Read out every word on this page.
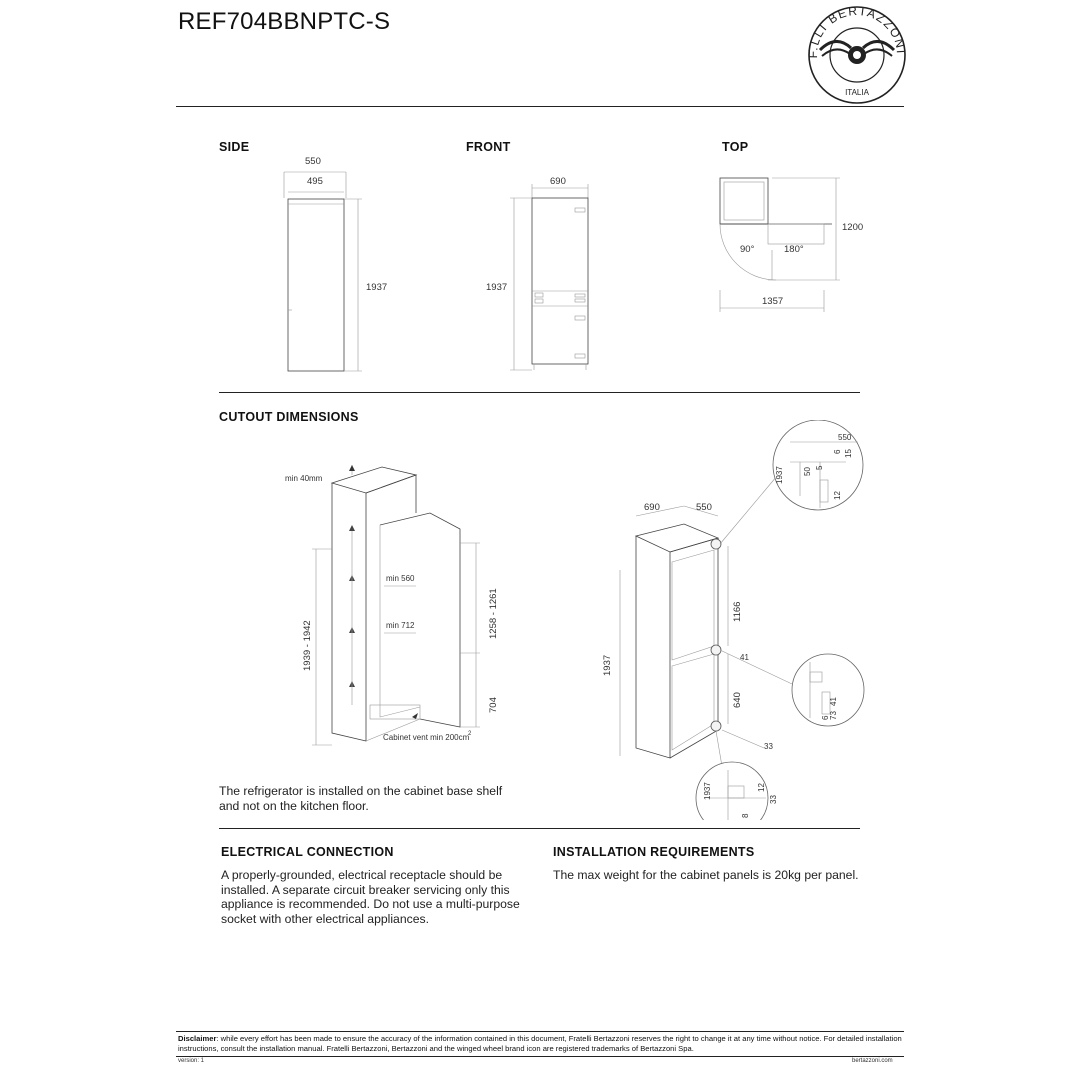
REF704BBNPTC-S
F.LLI BERTAZZONI
ITALIA
SIDE	FRONT	TOP
550
495
1937
690
1937
90°	180°
1200
1357
CUTOUT DIMENSIONS
min 40mm
min 560
min 712
1939 - 1942
1258 - 1261
704
Cabinet vent min 200cm
2
The refrigerator is installed on the cabinet base shelf and not on the kitchen floor.
690	550
1937
1166
640
41
33
550
6 15
1937 50 5
12
41
6 73
1937	12
33
8
ELECTRICAL CONNECTION
A properly-grounded, electrical receptacle should be installed. A separate circuit breaker servicing only this appliance is recommended. Do not use a multi-purpose socket with other electrical appliances.
INSTALLATION REQUIREMENTS
The max weight for the cabinet panels is 20kg per panel.
Disclaimer: while every effort has been made to ensure the accuracy of the information contained in this document, Fratelli Bertazzoni reserves the right to change it at any time without notice. For detailed installation instructions, consult the installation manual. Fratelli Bertazzoni, Bertazzoni and the winged wheel brand icon are registered trademarks of Bertazzoni Spa.
version: 1	bertazzoni.com
